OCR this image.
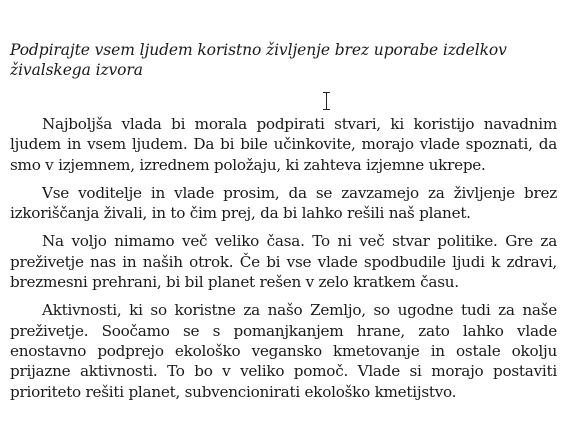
Podpirajte vsem ljudem koristno življenje brez uporabe izdelkov živalskega izvora

Najboljša vlada bi morala podpirati stvari, ki koristijo navadnim ljudem in vsem ljudem. Da bi bile učinkovite, morajo vlade spoznati, da smo v izjemnem, izrednem položaju, ki zahteva izjemne ukrepe.

Vse voditelje in vlade prosim, da se zavzamejo za življenje brez izkoriščanja živali, in to čim prej, da bi lahko rešili naš planet.

Na voljo nimamo več veliko časa. To ni več stvar politike. Gre za preživetje nas in naših otrok. Če bi vse vlade spodbudile ljudi k zdravi, brezmesni prehrani, bi bil planet rešen v zelo kratkem času.

Aktivnosti, ki so koristne za našo Zemljo, so ugodne tudi za naše preživetje. Soočamo se s pomanjkanjem hrane, zato lahko vlade enostavno podprejo ekološko vegansko kmetovanje in ostale okolju prijazne aktivnosti. To bo v veliko pomoč. Vlade si morajo postaviti prioriteto rešiti planet, subvencionirati ekološko kmetijstvo.
